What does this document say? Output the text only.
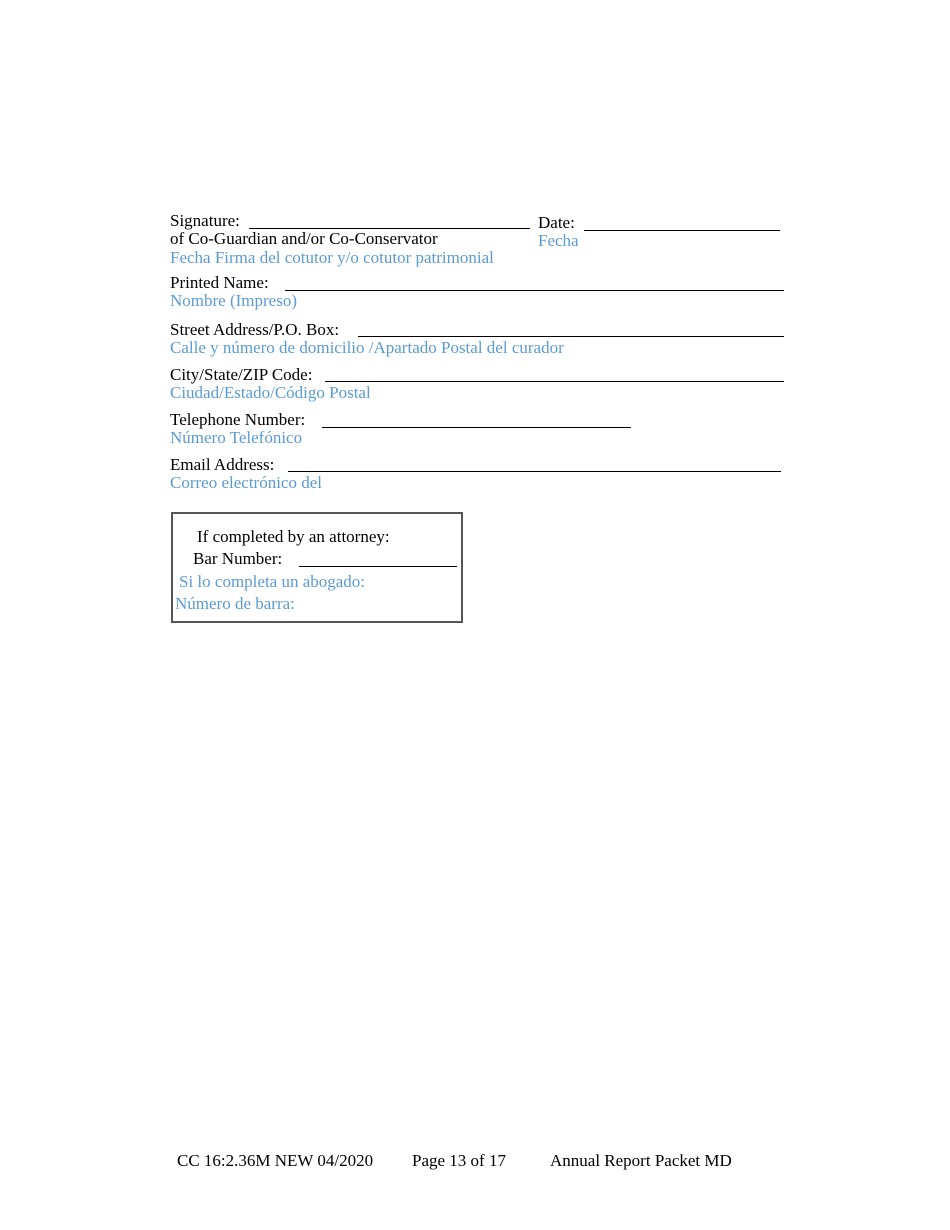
Signature:
of Co-Guardian and/or Co-Conservator
Fecha Firma del cotutor y/o cotutor patrimonial
Date:
Fecha
Printed Name:
Nombre (Impreso)
Street Address/P.O. Box:
Calle y número de domicilio /Apartado Postal del curador
City/State/ZIP Code:
Ciudad/Estado/Código Postal
Telephone Number:
Número Telefónico
Email Address:
Correo electrónico del
If completed by an attorney:
Bar Number:
Si lo completa un abogado:
Número de barra:
CC 16:2.36M NEW 04/2020 Page 13 of 17	Annual Report Packet MD
